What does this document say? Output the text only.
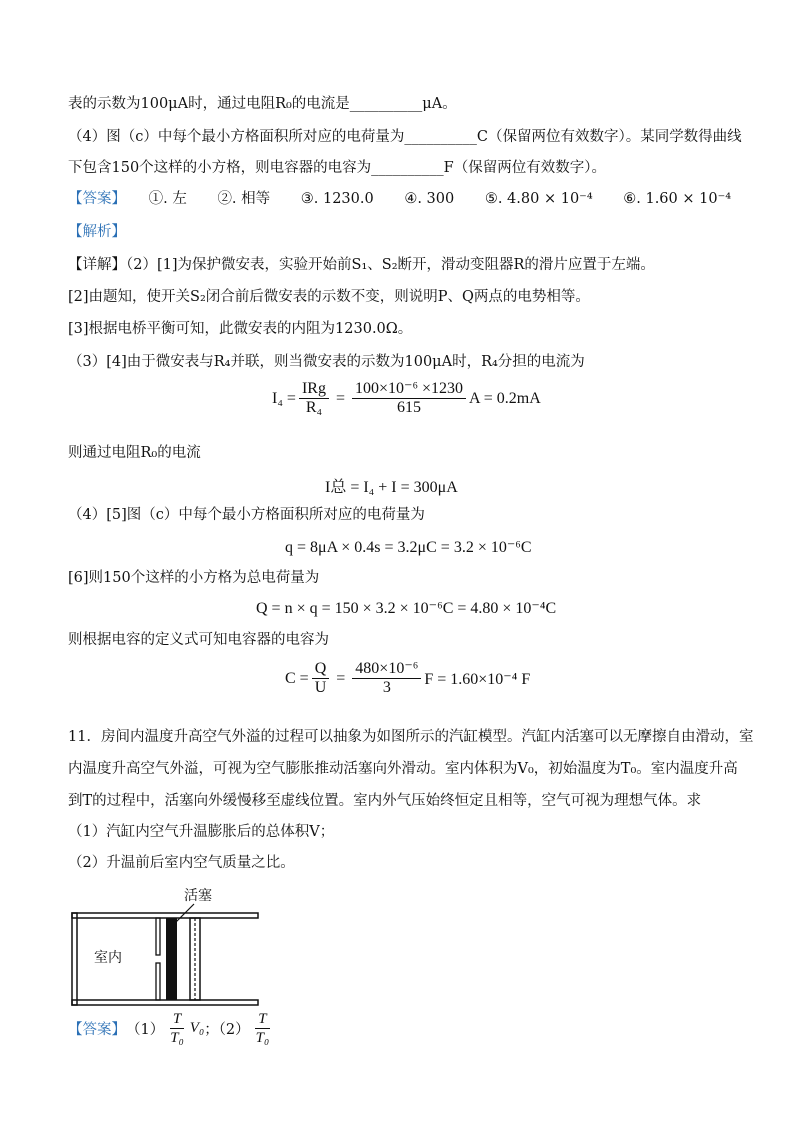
表的示数为100μA时，通过电阻R₀的电流是__________μA。
（4）图（c）中每个最小方格面积所对应的电荷量为__________C（保留两位有效数字）。某同学数得曲线
下包含150个这样的小方格，则电容器的电容为__________F（保留两位有效数字）。
【答案】 ①. 左 ②. 相等 ③. 1230.0 ④. 300 ⑤. 4.80 × 10⁻⁴ ⑥. 1.60 × 10⁻⁴
【解析】
【详解】（2）[1]为保护微安表，实验开始前S₁、S₂断开，滑动变阻器R的滑片应置于左端。
[2]由题知，使开关S₂闭合前后微安表的示数不变，则说明P、Q两点的电势相等。
[3]根据电桥平衡可知，此微安表的内阻为1230.0Ω。
（3）[4]由于微安表与R₄并联，则当微安表的示数为100μA时，R₄分担的电流为
$I_4 = \frac{\text{IRg}}{\text{R₄}} = \frac{\text{100×10⁻⁶ ×1230}}{615}$ A = 0.2mA
则通过电阻R₀的电流
I总 = I₄ + I = 300μA
（4）[5]图（c）中每个最小方格面积所对应的电荷量为
q = 8μA × 0.4s = 3.2μC = 3.2 × 10⁻⁶C
[6]则150个这样的小方格为总电荷量为
Q = n × q = 150 × 3.2 × 10⁻⁶C = 4.80 × 10⁻⁴C
则根据电容的定义式可知电容器的电容为
$C = \frac{Q}{U} = \frac{\text{480×10⁻⁶}}{3}$ F = 1.60×10⁻⁴ F
11．房间内温度升高空气外溢的过程可以抽象为如图所示的汽缸模型。汽缸内活塞可以无摩擦自由滑动，室
内温度升高空气外溢，可视为空气膨胀推动活塞向外滑动。室内体积为V₀，初始温度为T₀。室内温度升高
到T的过程中，活塞向外缓慢移至虚线位置。室内外气压始终恒定且相等，空气可视为理想气体。求
（1）汽缸内空气升温膨胀后的总体积V；
（2）升温前后室内空气质量之比。
活塞
室内
【答案】 $(1) \frac{T}{\text{T₀}} V_0$ ；$(2) \frac{T}{\text{T₀}}$
